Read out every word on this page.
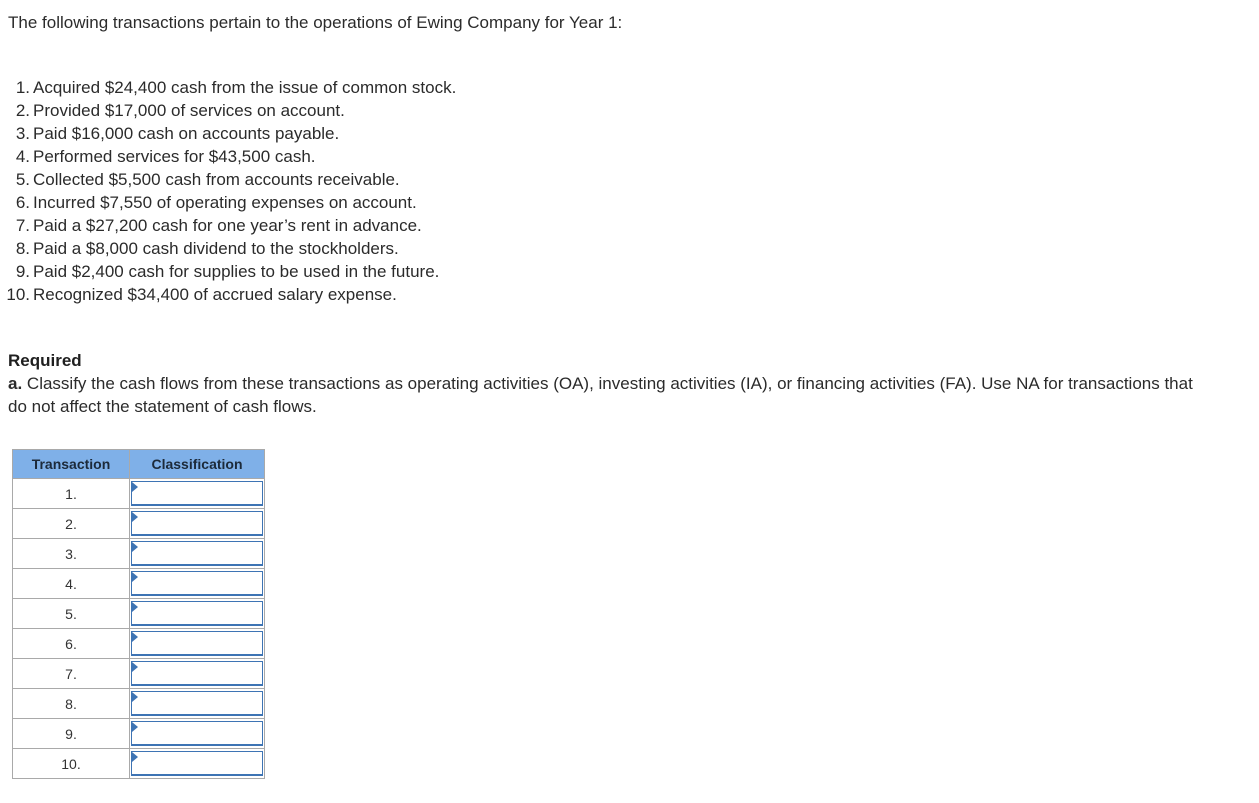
The following transactions pertain to the operations of Ewing Company for Year 1:
1. Acquired $24,400 cash from the issue of common stock.
2. Provided $17,000 of services on account.
3. Paid $16,000 cash on accounts payable.
4. Performed services for $43,500 cash.
5. Collected $5,500 cash from accounts receivable.
6. Incurred $7,550 of operating expenses on account.
7. Paid a $27,200 cash for one year’s rent in advance.
8. Paid a $8,000 cash dividend to the stockholders.
9. Paid $2,400 cash for supplies to be used in the future.
10. Recognized $34,400 of accrued salary expense.
Required
a. Classify the cash flows from these transactions as operating activities (OA), investing activities (IA), or financing activities (FA). Use NA for transactions that do not affect the statement of cash flows.
Transaction	Classification
1.	

2.	

3.	

4.	

5.	

6.	

7.	

8.	

9.	

10.	
